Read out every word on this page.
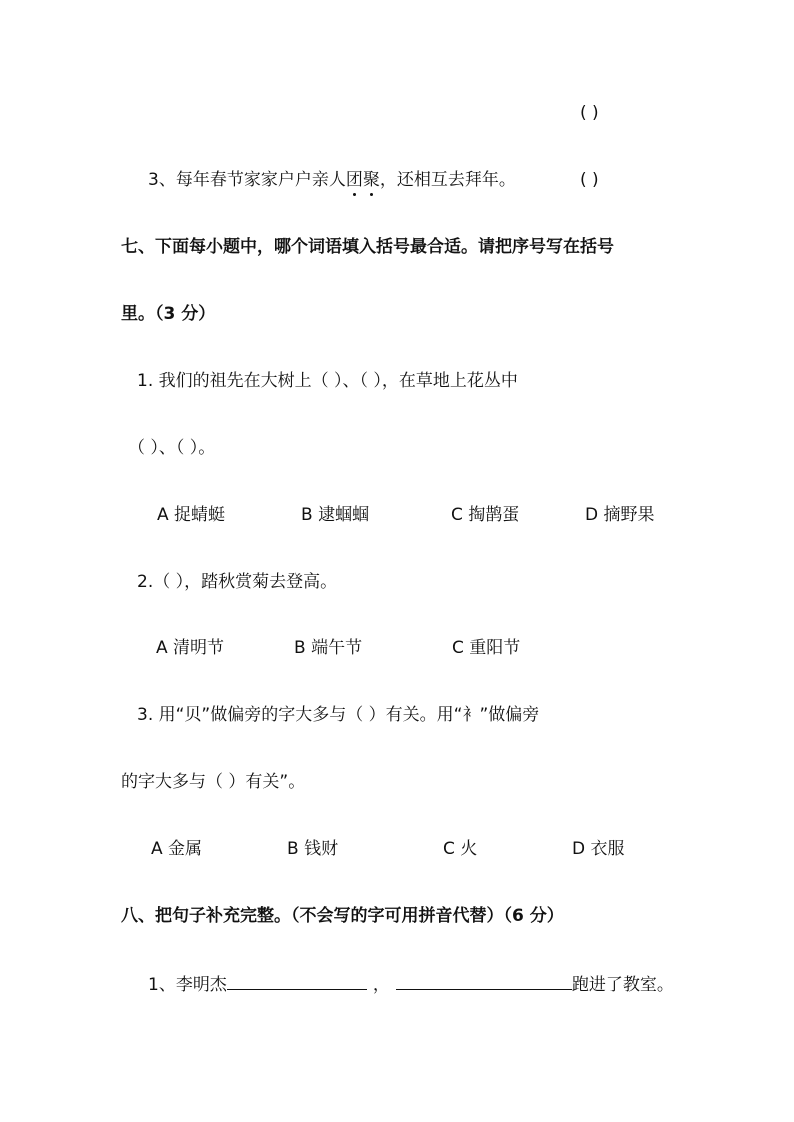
( )
3、每年春节家家户户亲人团聚，还相互去拜年。	( )
七、下面每小题中，哪个词语填入括号最合适。请把序号写在括号
里。（3 分）
1. 我们的祖先在大树上（ ）、（ ），在草地上花丛中
（ ）、（ ）。
A 捉蜻蜓	B 逮蝈蝈	C 掏鹊蛋	D 摘野果
2.（ ），踏秋赏菊去登高。
A 清明节	B 端午节	C 重阳节
3. 用“贝”做偏旁的字大多与（ ）有关。用“衤”做偏旁
的字大多与（ ）有关”。
A 金属	B 钱财	C 火	D 衣服
八、把句子补充完整。（不会写的字可用拼音代替）（6 分）
1、李明杰	，	跑进了教室。
